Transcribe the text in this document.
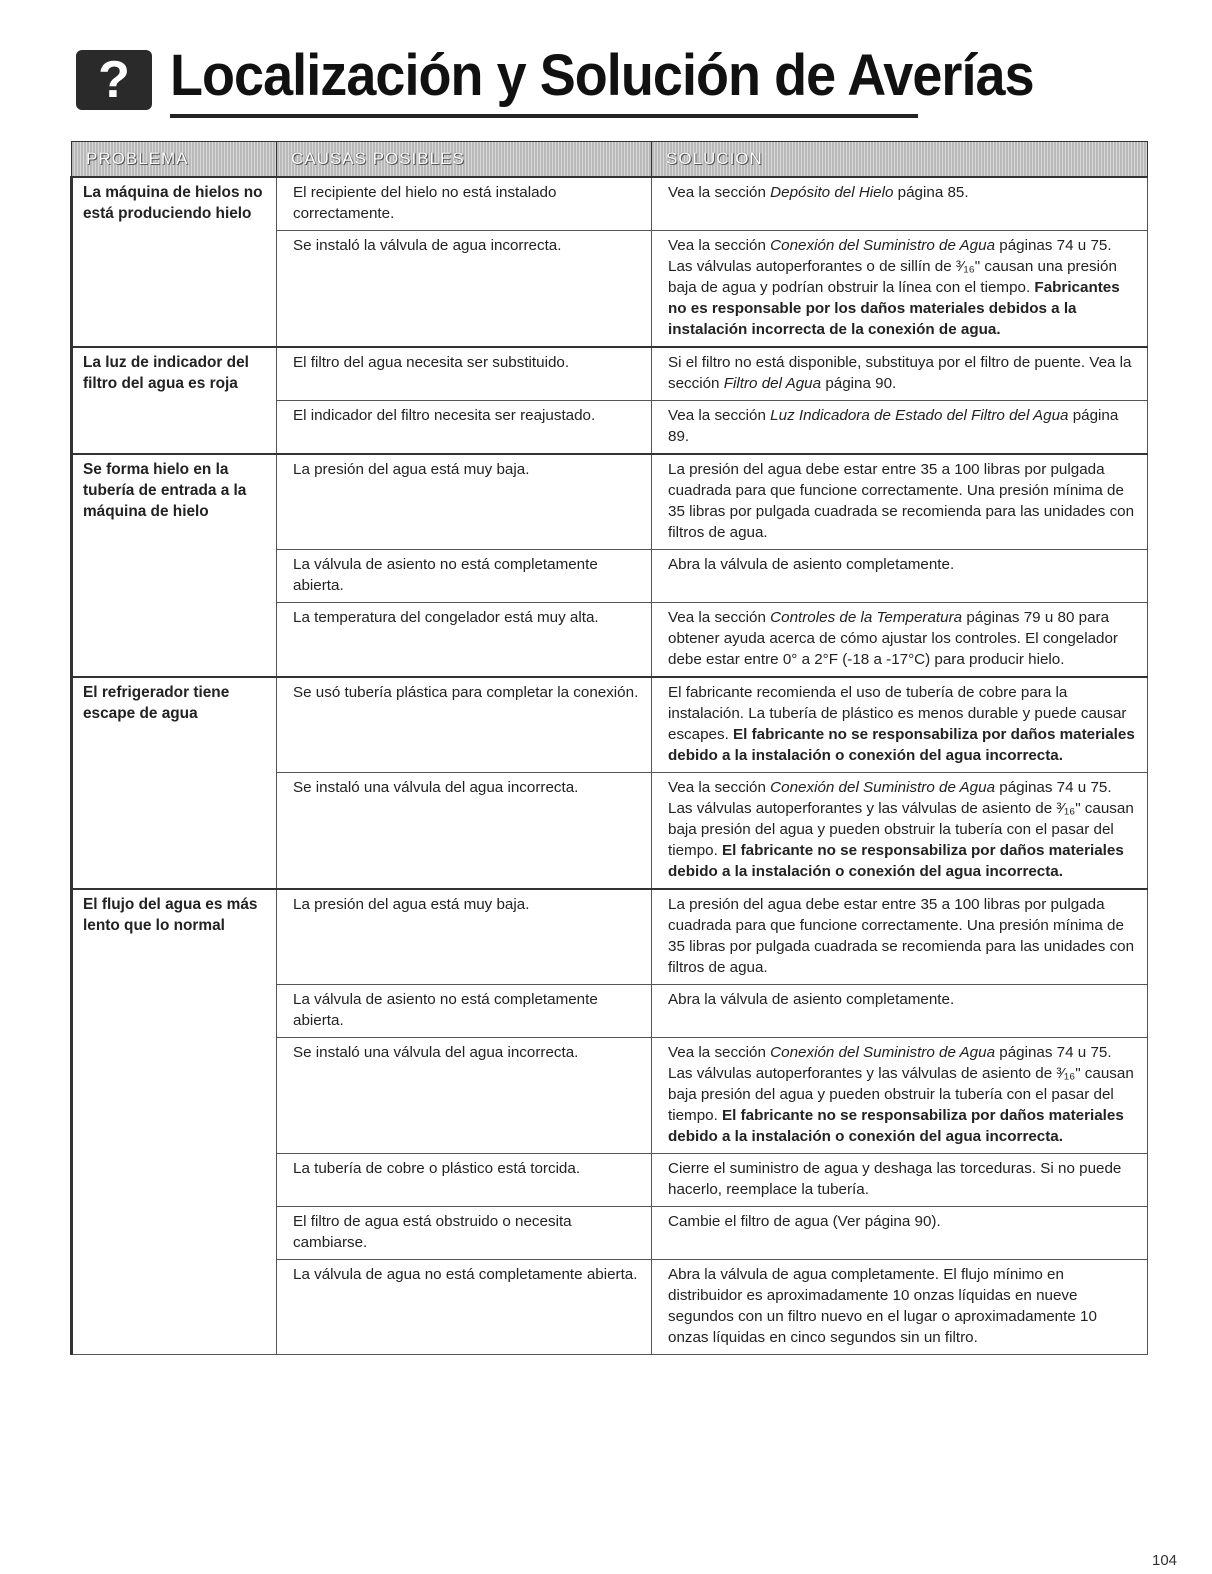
? Localización y Solución de Averías
PROBLEMA	CAUSAS POSIBLES	SOLUCION
La máquina de hielos no está produciendo hielo	El recipiente del hielo no está instalado correctamente.	Vea la sección Depósito del Hielo página 85.
	Se instaló la válvula de agua incorrecta.	Vea la sección Conexión del Suministro de Agua páginas 74 u 75. Las válvulas autoperforantes o de sillín de ³⁄₁₆" causan una presión baja de agua y podrían obstruir la línea con el tiempo. Fabricantes no es responsable por los daños materiales debidos a la instalación incorrecta de la conexión de agua.
La luz de indicador del filtro del agua es roja	El filtro del agua necesita ser substituido.	Si el filtro no está disponible, substituya por el filtro de puente. Vea la sección Filtro del Agua página 90.
	El indicador del filtro necesita ser reajustado.	Vea la sección Luz Indicadora de Estado del Filtro del Agua página 89.
Se forma hielo en la tubería de entrada a la máquina de hielo	La presión del agua está muy baja.	La presión del agua debe estar entre 35 a 100 libras por pulgada cuadrada para que funcione correctamente. Una presión mínima de 35 libras por pulgada cuadrada se recomienda para las unidades con filtros de agua.
	La válvula de asiento no está completamente abierta.	Abra la válvula de asiento completamente.
	La temperatura del congelador está muy alta.	Vea la sección Controles de la Temperatura páginas 79 u 80 para obtener ayuda acerca de cómo ajustar los controles. El congelador debe estar entre 0° a 2°F (-18 a -17°C) para producir hielo.
El refrigerador tiene escape de agua	Se usó tubería plástica para completar la conexión.	El fabricante recomienda el uso de tubería de cobre para la instalación. La tubería de plástico es menos durable y puede causar escapes. El fabricante no se responsabiliza por daños materiales debido a la instalación o conexión del agua incorrecta.
	Se instaló una válvula del agua incorrecta.	Vea la sección Conexión del Suministro de Agua páginas 74 u 75. Las válvulas autoperforantes y las válvulas de asiento de ³⁄₁₆" causan baja presión del agua y pueden obstruir la tubería con el pasar del tiempo. El fabricante no se responsabiliza por daños materiales debido a la instalación o conexión del agua incorrecta.
El flujo del agua es más lento que lo normal	La presión del agua está muy baja.	La presión del agua debe estar entre 35 a 100 libras por pulgada cuadrada para que funcione correctamente. Una presión mínima de 35 libras por pulgada cuadrada se recomienda para las unidades con filtros de agua.
	La válvula de asiento no está completamente abierta.	Abra la válvula de asiento completamente.
	Se instaló una válvula del agua incorrecta.	Vea la sección Conexión del Suministro de Agua páginas 74 u 75. Las válvulas autoperforantes y las válvulas de asiento de ³⁄₁₆" causan baja presión del agua y pueden obstruir la tubería con el pasar del tiempo. El fabricante no se responsabiliza por daños materiales debido a la instalación o conexión del agua incorrecta.
	La tubería de cobre o plástico está torcida.	Cierre el suministro de agua y deshaga las torceduras. Si no puede hacerlo, reemplace la tubería.
	El filtro de agua está obstruido o necesita cambiarse.	Cambie el filtro de agua (Ver página 90).
	La válvula de agua no está completamente abierta.	Abra la válvula de agua completamente. El flujo mínimo en distribuidor es aproximadamente 10 onzas líquidas en nueve segundos con un filtro nuevo en el lugar o aproximadamente 10 onzas líquidas en cinco segundos sin un filtro.
104
